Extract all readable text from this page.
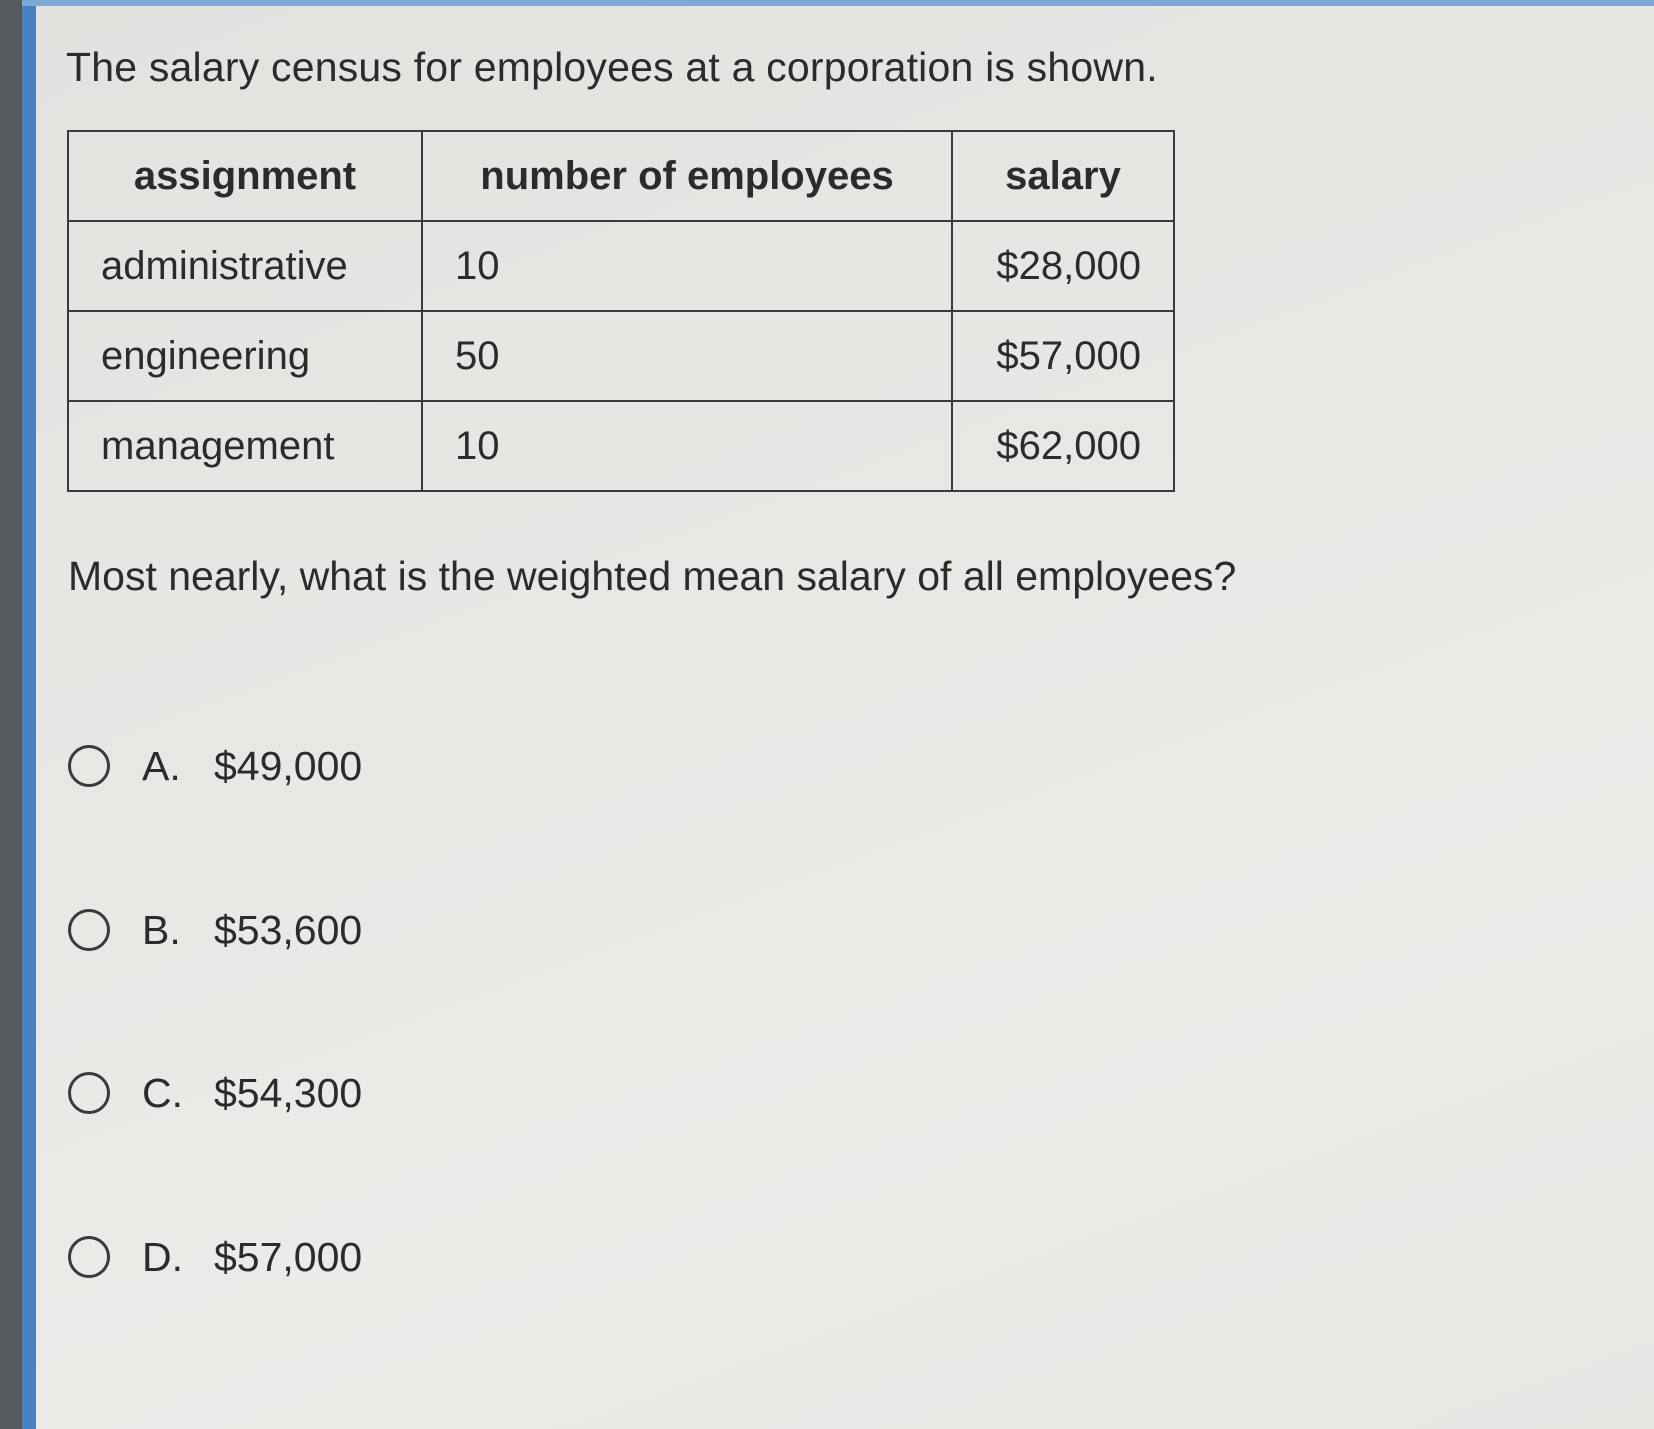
The salary census for employees at a corporation is shown.
assignment	number of employees	salary
administrative	10	$28,000
engineering	50	$57,000
management	10	$62,000
Most nearly, what is the weighted mean salary of all employees?
A. $49,000
B. $53,600
C. $54,300
D. $57,000
